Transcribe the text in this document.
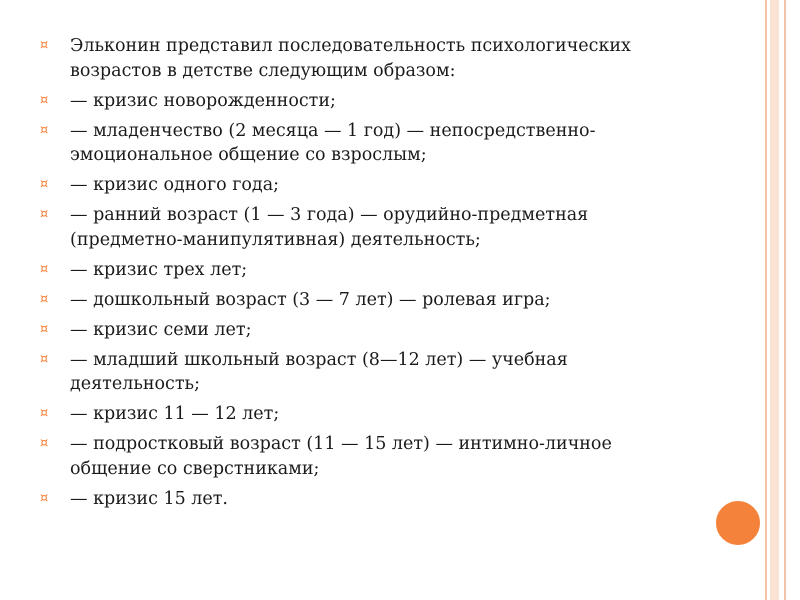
¤ Эльконин представил последовательность психологических возрастов в детстве следующим образом:
¤ — кризис новорожденности;
¤ — младенчество (2 месяца — 1 год) — непосредственно-эмоциональное общение со взрослым;
¤ — кризис одного года;
¤ — ранний возраст (1 — 3 года) — орудийно-предметная (предметно-манипулятивная) деятельность;
¤ — кризис трех лет;
¤ — дошкольный возраст (3 — 7 лет) — ролевая игра;
¤ — кризис семи лет;
¤ — младший школьный возраст (8—12 лет) — учебная деятельность;
¤ — кризис 11 — 12 лет;
¤ — подростковый возраст (11 — 15 лет) — интимно-личное общение со сверстниками;
¤ — кризис 15 лет.
